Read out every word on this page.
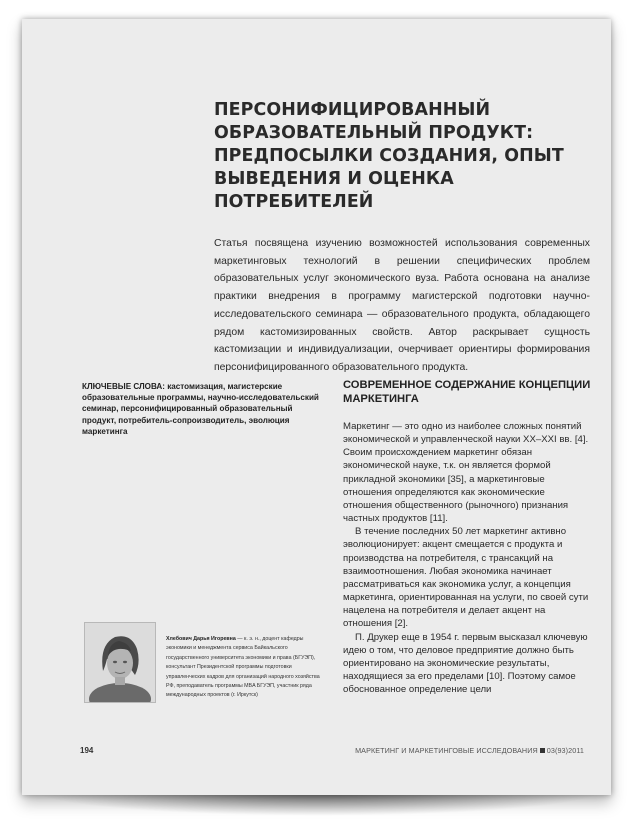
ПЕРСОНИФИЦИРОВАННЫЙ ОБРАЗОВАТЕЛЬНЫЙ ПРОДУКТ: ПРЕДПОСЫЛКИ СОЗДАНИЯ, ОПЫТ ВЫВЕДЕНИЯ И ОЦЕНКА ПОТРЕБИТЕЛЕЙ

Статья посвящена изучению возможностей использования современных маркетинговых технологий в решении специфических проблем образовательных услуг экономического вуза. Работа основана на анализе практики внедрения в программу магистерской подготовки научно-исследовательского семинара — образовательного продукта, обладающего рядом кастомизированных свойств. Автор раскрывает сущность кастомизации и индивидуализации, очерчивает ориентиры формирования персонифицированного образовательного продукта.

КЛЮЧЕВЫЕ СЛОВА: кастомизация, магистерские образовательные программы, научно-исследовательский семинар, персонифицированный образовательный продукт, потребитель-сопроизводитель, эволюция маркетинга

СОВРЕМЕННОЕ СОДЕРЖАНИЕ КОНЦЕПЦИИ МАРКЕТИНГА

Маркетинг — это одно из наиболее сложных понятий экономической и управленческой науки XX–XXI вв. [4]. Своим происхождением маркетинг обязан экономической науке, т.к. он является формой прикладной экономики [35], а маркетинговые отношения определяются как экономические отношения общественного (рыночного) признания частных продуктов [11].

В течение последних 50 лет маркетинг активно эволюционирует: акцент смещается с продукта и производства на потребителя, с трансакций на взаимоотношения. Любая экономика начинает рассматриваться как экономика услуг, а концепция маркетинга, ориентированная на услуги, по своей сути нацелена на потребителя и делает акцент на отношения [2].

П. Друкер еще в 1954 г. первым высказал ключевую идею о том, что деловое предприятие должно быть ориентировано на экономические результаты, находящиеся за его пределами [10]. Поэтому самое обоснованное определение цели

Хлебович Дарья Игоревна — к. э. н., доцент кафедры экономики и менеджмента сервиса Байкальского государственного университета экономики и права (БГУЭП), консультант Президентской программы подготовки управленческих кадров для организаций народного хозяйства РФ, преподаватель программы MBA БГУЭП, участник ряда международных проектов (г. Иркутск)

194	МАРКЕТИНГ И МАРКЕТИНГОВЫЕ ИССЛЕДОВАНИЯ 03(93)2011
